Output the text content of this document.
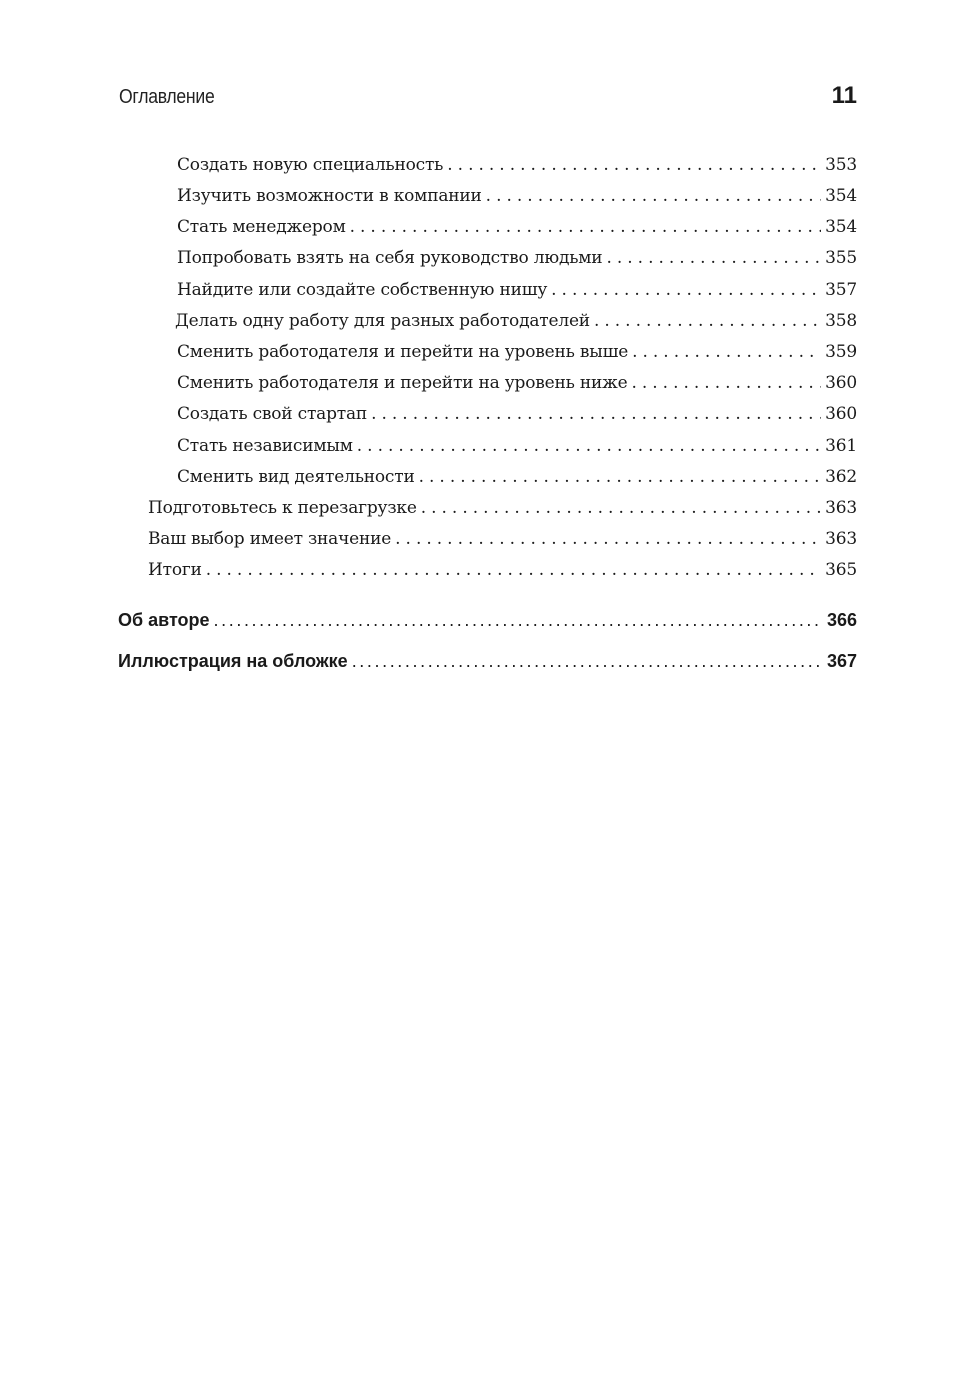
Оглавление	11
Создать новую специальность . . .	353
Изучить возможности в компании . . .	354
Стать менеджером . . .	354
Попробовать взять на себя руководство людьми . . .	355
Найдите или создайте собственную нишу . . .	357
Делать одну работу для разных работодателей . . .	358
Сменить работодателя и перейти на уровень выше . . .	359
Сменить работодателя и перейти на уровень ниже . . .	360
Создать свой стартап . . .	360
Стать независимым . . .	361
Сменить вид деятельности . . .	362
Подготовьтесь к перезагрузке . . .	363
Ваш выбор имеет значение . . .	363
Итоги . . .	365
Об авторе .....	366
Иллюстрация на обложке .....	367
